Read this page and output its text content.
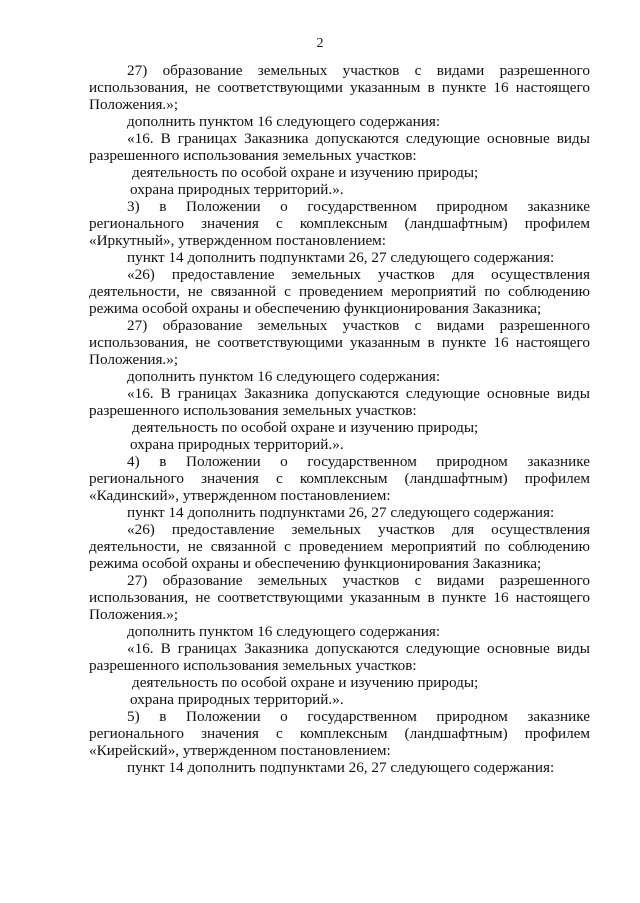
2
27) образование земельных участков с видами разрешенного
использования, не соответствующими указанным в пункте 16 настоящего
Положения.»;
дополнить пунктом 16 следующего содержания:
«16. В границах Заказника допускаются следующие основные виды
разрешенного использования земельных участков:
деятельность по особой охране и изучению природы;
охрана природных территорий.».
3) в Положении о государственном природном заказнике
регионального значения с комплексным (ландшафтным) профилем
«Иркутный», утвержденном постановлением:
пункт 14 дополнить подпунктами 26, 27 следующего содержания:
«26) предоставление земельных участков для осуществления
деятельности, не связанной с проведением мероприятий по соблюдению
режима особой охраны и обеспечению функционирования Заказника;
27) образование земельных участков с видами разрешенного
использования, не соответствующими указанным в пункте 16 настоящего
Положения.»;
дополнить пунктом 16 следующего содержания:
«16. В границах Заказника допускаются следующие основные виды
разрешенного использования земельных участков:
деятельность по особой охране и изучению природы;
охрана природных территорий.».
4) в Положении о государственном природном заказнике
регионального значения с комплексным (ландшафтным) профилем
«Кадинский», утвержденном постановлением:
пункт 14 дополнить подпунктами 26, 27 следующего содержания:
«26) предоставление земельных участков для осуществления
деятельности, не связанной с проведением мероприятий по соблюдению
режима особой охраны и обеспечению функционирования Заказника;
27) образование земельных участков с видами разрешенного
использования, не соответствующими указанным в пункте 16 настоящего
Положения.»;
дополнить пунктом 16 следующего содержания:
«16. В границах Заказника допускаются следующие основные виды
разрешенного использования земельных участков:
деятельность по особой охране и изучению природы;
охрана природных территорий.».
5) в Положении о государственном природном заказнике
регионального значения с комплексным (ландшафтным) профилем
«Кирейский», утвержденном постановлением:
пункт 14 дополнить подпунктами 26, 27 следующего содержания:
